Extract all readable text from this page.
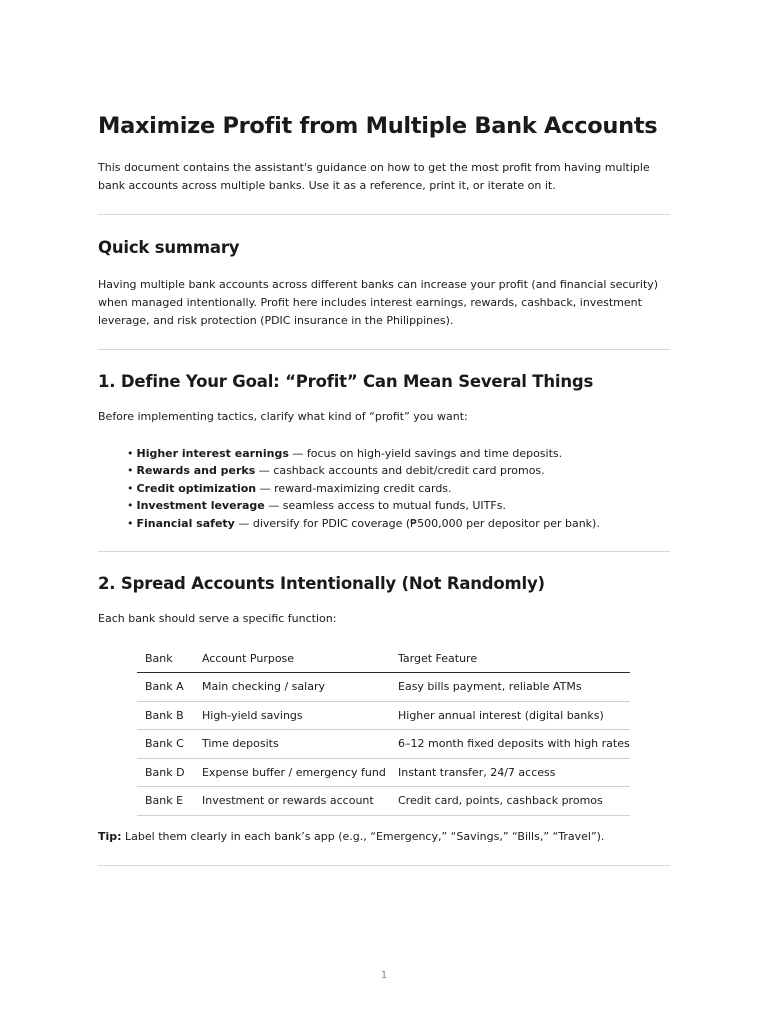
Maximize Profit from Multiple Bank Accounts

This document contains the assistant's guidance on how to get the most profit from having multiple bank accounts across multiple banks. Use it as a reference, print it, or iterate on it.

Quick summary

Having multiple bank accounts across different banks can increase your profit (and financial security) when managed intentionally. Profit here includes interest earnings, rewards, cashback, investment leverage, and risk protection (PDIC insurance in the Philippines).

1. Define Your Goal: “Profit” Can Mean Several Things

Before implementing tactics, clarify what kind of “profit” you want:

• Higher interest earnings — focus on high-yield savings and time deposits.
• Rewards and perks — cashback accounts and debit/credit card promos.
• Credit optimization — reward-maximizing credit cards.
• Investment leverage — seamless access to mutual funds, UITFs.
• Financial safety — diversify for PDIC coverage (₱500,000 per depositor per bank).
2. Spread Accounts Intentionally (Not Randomly)

Each bank should serve a specific function:

Bank	Account Purpose	Target Feature
Bank A	Main checking / salary	Easy bills payment, reliable ATMs
Bank B	High-yield savings	Higher annual interest (digital banks)
Bank C	Time deposits	6–12 month fixed deposits with high rates
Bank D	Expense buffer / emergency fund	Instant transfer, 24/7 access
Bank E	Investment or rewards account	Credit card, points, cashback promos

Tip: Label them clearly in each bank’s app (e.g., “Emergency,” “Savings,” “Bills,” “Travel”).

1
